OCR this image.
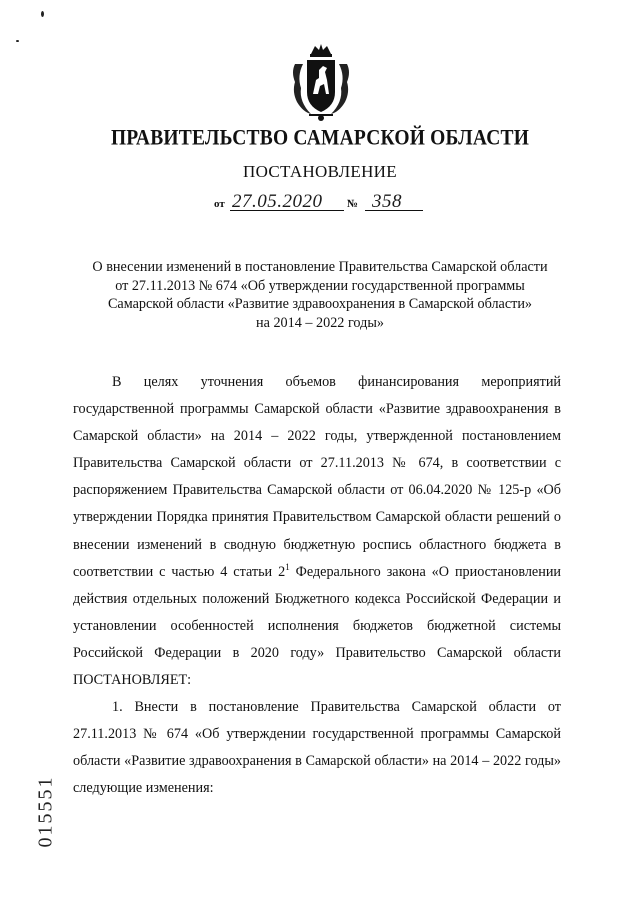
ПРАВИТЕЛЬСТВО САМАРСКОЙ ОБЛАСТИ
ПОСТАНОВЛЕНИЕ
от 27.05.2020 № 358
О внесении изменений в постановление Правительства Самарской области
от 27.11.2013 № 674 «Об утверждении государственной программы
Самарской области «Развитие здравоохранения в Самарской области»
на 2014 – 2022 годы»

В целях уточнения объемов финансирования мероприятий государственной программы Самарской области «Развитие здравоохранения в Самарской области» на 2014 – 2022 годы, утвержденной постановлением Правительства Самарской области от 27.11.2013 № 674, в соответствии с распоряжением Правительства Самарской области от 06.04.2020 № 125-р «Об утверждении Порядка принятия Правительством Самарской области решений о внесении изменений в сводную бюджетную роспись областного бюджета в соответствии с частью 4 статьи $2^1$ Федерального закона «О приостановлении действия отдельных положений Бюджетного кодекса Российской Федерации и установлении особенностей исполнения бюджетов бюджетной системы Российской Федерации в 2020 году» Правительство Самарской области ПОСТАНОВЛЯЕТ:

1. Внести в постановление Правительства Самарской области от 27.11.2013 № 674 «Об утверждении государственной программы Самарской области «Развитие здравоохранения в Самарской области» на 2014 – 2022 годы» следующие изменения:

015551
